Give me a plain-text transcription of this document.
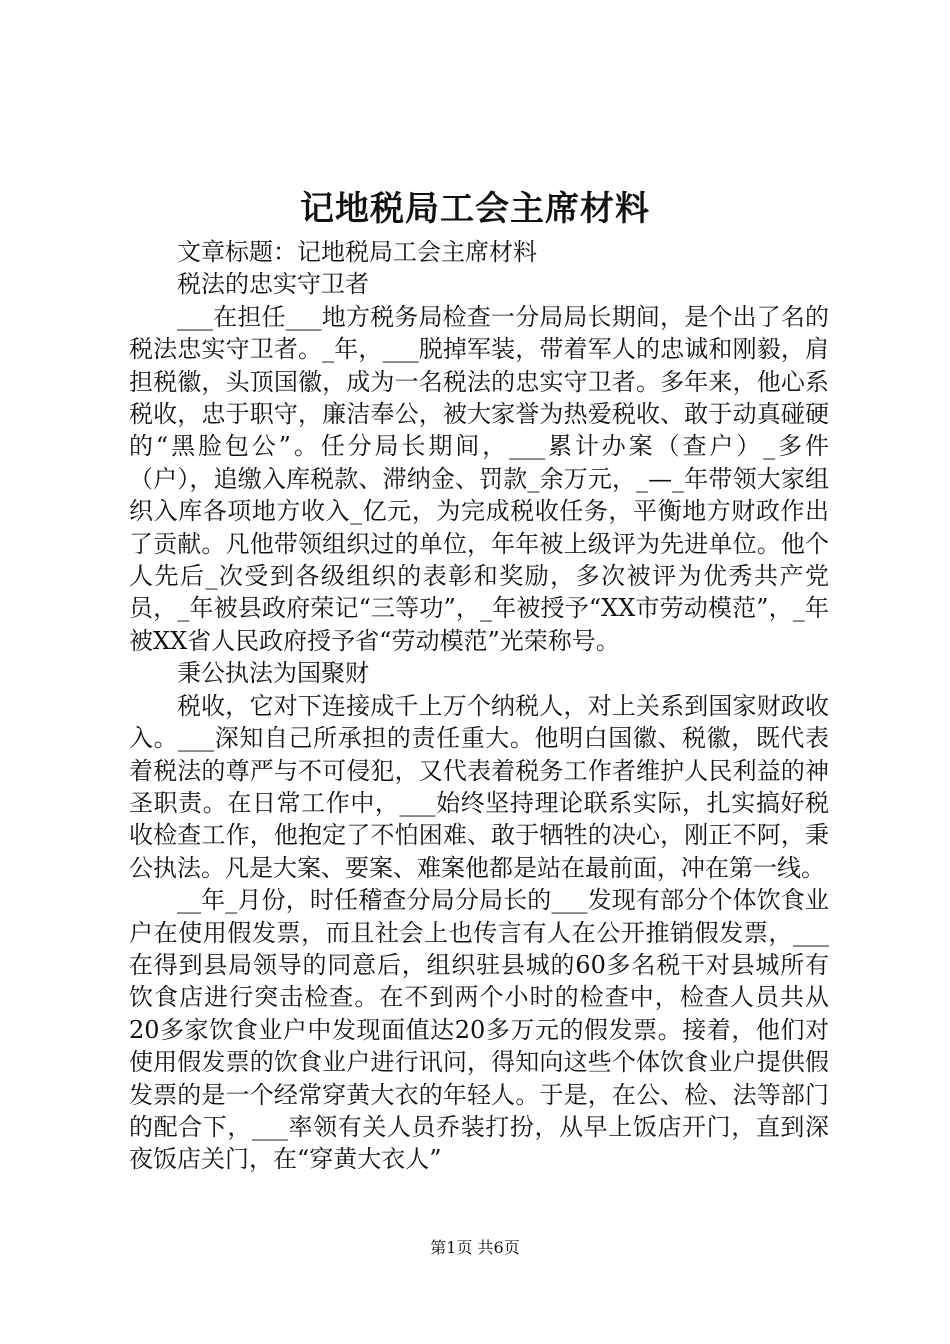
记地税局工会主席材料

文章标题：记地税局工会主席材料

税法的忠实守卫者

___在担任___地方税务局检查一分局局长期间，是个出了名的税法忠实守卫者。_年，___脱掉军装，带着军人的忠诚和刚毅，肩担税徽，头顶国徽，成为一名税法的忠实守卫者。多年来，他心系税收，忠于职守，廉洁奉公，被大家誉为热爱税收、敢于动真碰硬的“黑脸包公”。任分局长期间，___累计办案（查户）_多件（户），追缴入库税款、滞纳金、罚款_余万元，_—_年带领大家组织入库各项地方收入_亿元，为完成税收任务，平衡地方财政作出了贡献。凡他带领组织过的单位，年年被上级评为先进单位。他个人先后_次受到各级组织的表彰和奖励，多次被评为优秀共产党员，_年被县政府荣记“三等功”，_年被授予“XX市劳动模范”，_年被XX省人民政府授予省“劳动模范”光荣称号。

秉公执法为国聚财

税收，它对下连接成千上万个纳税人，对上关系到国家财政收入。___深知自己所承担的责任重大。他明白国徽、税徽，既代表着税法的尊严与不可侵犯，又代表着税务工作者维护人民利益的神圣职责。在日常工作中，___始终坚持理论联系实际，扎实搞好税收检查工作，他抱定了不怕困难、敢于牺牲的决心，刚正不阿，秉公执法。凡是大案、要案、难案他都是站在最前面，冲在第一线。

__年_月份，时任稽查分局分局长的___发现有部分个体饮食业户在使用假发票，而且社会上也传言有人在公开推销假发票，___在得到县局领导的同意后，组织驻县城的60多名税干对县城所有饮食店进行突击检查。在不到两个小时的检查中，检查人员共从20多家饮食业户中发现面值达20多万元的假发票。接着，他们对使用假发票的饮食业户进行讯问，得知向这些个体饮食业户提供假发票的是一个经常穿黄大衣的年轻人。于是，在公、检、法等部门的配合下，___率领有关人员乔装打扮，从早上饭店开门，直到深夜饭店关门，在“穿黄大衣人”

第1页 共6页
